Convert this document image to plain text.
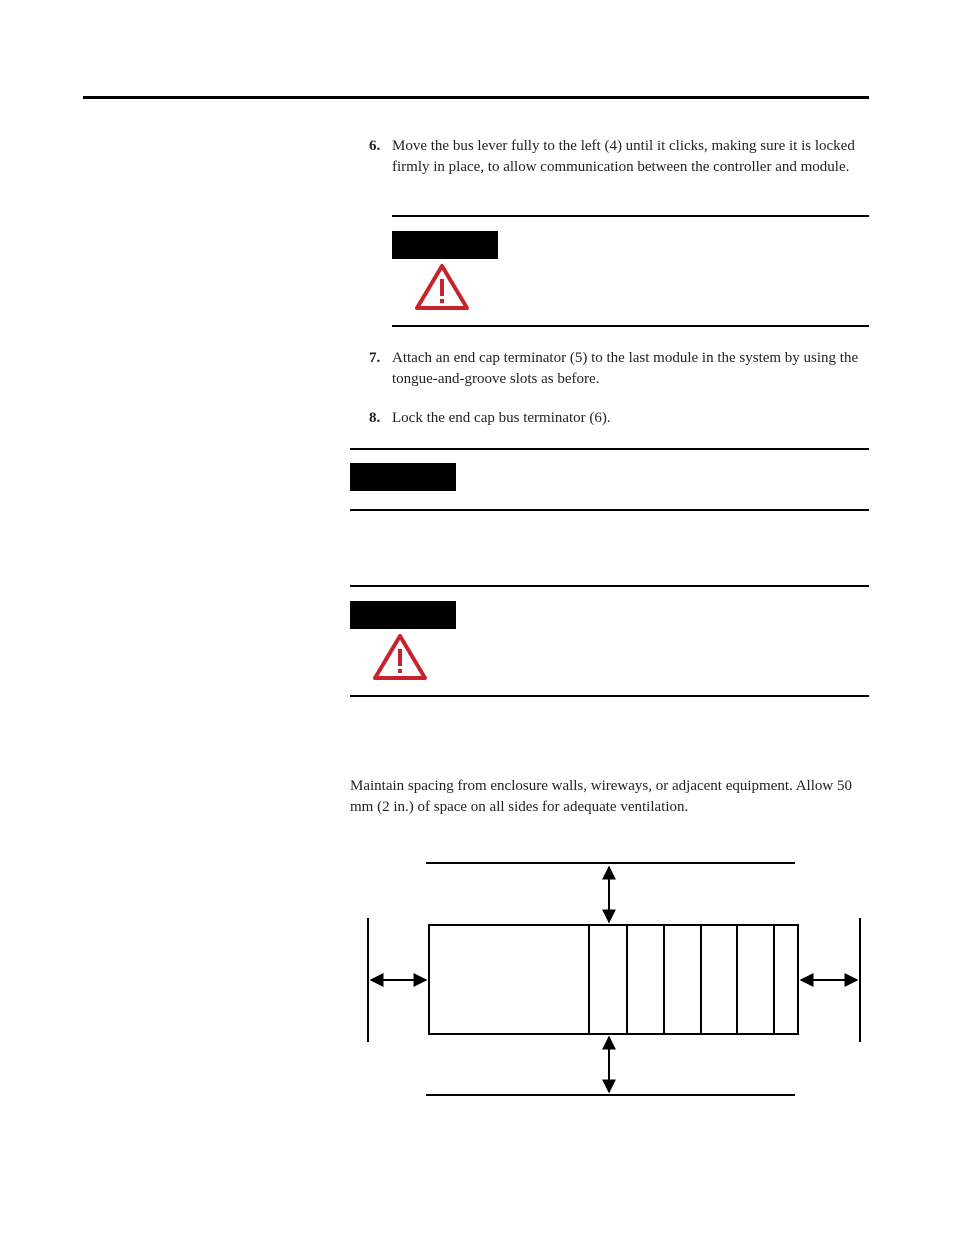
6. Move the bus lever fully to the left (4) until it clicks, making sure it is locked firmly in place, to allow communication between the controller and module.
7. Attach an end cap terminator (5) to the last module in the system by using the tongue-and-groove slots as before.
8. Lock the end cap bus terminator (6).
Maintain spacing from enclosure walls, wireways, or adjacent equipment. Allow 50 mm (2 in.) of space on all sides for adequate ventilation.
